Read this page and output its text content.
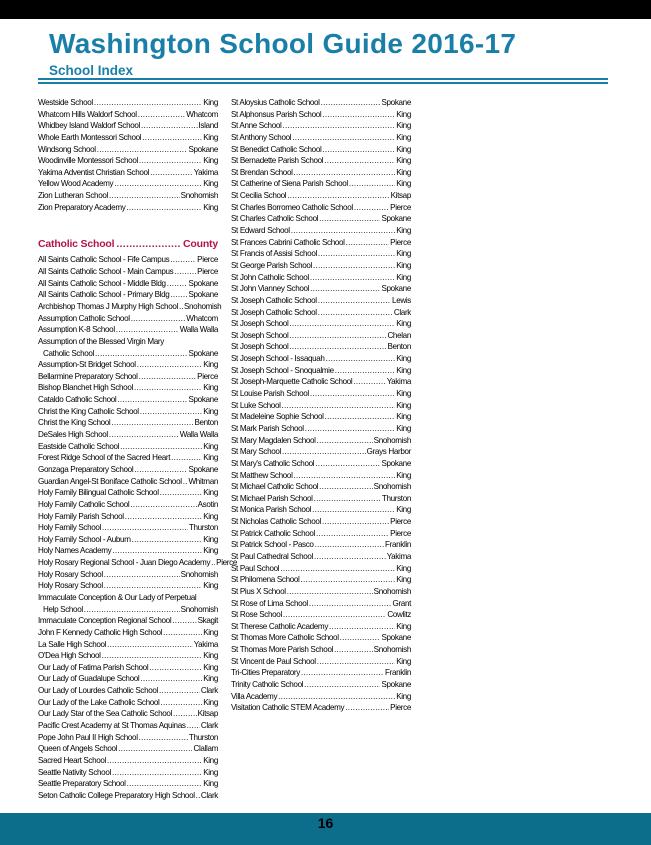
Washington School Guide 2016-17
School Index
Westside School .....	King
Whatcom Hills Waldorf School .....	Whatcom
Whidbey Island Waldorf School .....	Island
Whole Earth Montessori School .....	King
Windsong School .....	Spokane
Woodinville Montessori School .....	King
Yakima Adventist Christian School .....	Yakima
Yellow Wood Academy .....	King
Zion Lutheran School .....	Snohomish
Zion Preparatory Academy .....	King
Catholic School .....	County
All Saints Catholic School - Fife Campus .....	Pierce
All Saints Catholic School - Main Campus .....	Pierce
All Saints Catholic School - Middle Bldg .....	Spokane
All Saints Catholic School - Primary Bldg ..... Spokane
Archbishop Thomas J Murphy High School ..... Snohomish
Assumption Catholic School .....	Whatcom
Assumption K-8 School .....	Walla Walla
Assumption of the Blessed Virgin Mary
Catholic School .....	Spokane
Assumption-St Bridget School .....	King
Bellarmine Preparatory School .....	Pierce
Bishop Blanchet High School .....	King
Cataldo Catholic School .....	Spokane
Christ the King Catholic School .....	King
Christ the King School .....	Benton
DeSales High School .....	Walla Walla
Eastside Catholic School .....	King
Forest Ridge School of the Sacred Heart .....	King
Gonzaga Preparatory School .....	Spokane
Guardian Angel-St Boniface Catholic School ..... Whitman
Holy Family Bilingual Catholic School .....	King
Holy Family Catholic School .....	Asotin
Holy Family Parish School .....	King
Holy Family School .....	Thurston
Holy Family School - Auburn .....	King
Holy Names Academy .....	King
Holy Rosary Regional School - Juan Diego Academy ..... Pierce
Holy Rosary School .....	Snohomish
Holy Rosary School .....	King
Immaculate Conception & Our Lady of Perpetual
Help School .....	Snohomish
Immaculate Conception Regional School .....	Skagit
John F Kennedy Catholic High School .....	King
La Salle High School .....	Yakima
O'Dea High School .....	King
Our Lady of Fatima Parish School .....	King
Our Lady of Guadalupe School .....	King
Our Lady of Lourdes Catholic School .....	Clark
Our Lady of the Lake Catholic School .....	King
Our Lady Star of the Sea Catholic School .....	Kitsap
Pacific Crest Academy at St Thomas Aquinas ..... Clark
Pope John Paul II High School .....	Thurston
Queen of Angels School .....	Clallam
Sacred Heart School .....	King
Seattle Nativity School .....	King
Seattle Preparatory School .....	King
Seton Catholic College Preparatory High School ..... Clark
St Aloysius Catholic School .....	Spokane
St Alphonsus Parish School .....	King
St Anne School .....	King
St Anthony School .....	King
St Benedict Catholic School .....	King
St Bernadette Parish School .....	King
St Brendan School .....	King
St Catherine of Siena Parish School .....	King
St Cecilia School .....	Kitsap
St Charles Borromeo Catholic School .....	Pierce
St Charles Catholic School .....	Spokane
St Edward School .....	King
St Frances Cabrini Catholic School .....	Pierce
St Francis of Assisi School .....	King
St George Parish School .....	King
St John Catholic School .....	King
St John Vianney School .....	Spokane
St Joseph Catholic School .....	Lewis
St Joseph Catholic School .....	Clark
St Joseph School .....	King
St Joseph School .....	Chelan
St Joseph School .....	Benton
St Joseph School - Issaquah .....	King
St Joseph School - Snoqualmie .....	King
St Joseph-Marquette Catholic School .....	Yakima
St Louise Parish School .....	King
St Luke School .....	King
St Madeleine Sophie School .....	King
St Mark Parish School .....	King
St Mary Magdalen School .....	Snohomish
St Mary School .....	Grays Harbor
St Mary's Catholic School .....	Spokane
St Matthew School .....	King
St Michael Catholic School .....	Snohomish
St Michael Parish School .....	Thurston
St Monica Parish School .....	King
St Nicholas Catholic School .....	Pierce
St Patrick Catholic School .....	Pierce
St Patrick School - Pasco .....	Franklin
St Paul Cathedral School .....	Yakima
St Paul School .....	King
St Philomena School .....	King
St Pius X School .....	Snohomish
St Rose of Lima School .....	Grant
St Rose School .....	Cowlitz
St Therese Catholic Academy .....	King
St Thomas More Catholic School .....	Spokane
St Thomas More Parish School .....	Snohomish
St Vincent de Paul School .....	King
Tri-Cities Preparatory .....	Franklin
Trinity Catholic School .....	Spokane
Villa Academy .....	King
Visitation Catholic STEM Academy .....	Pierce
16
